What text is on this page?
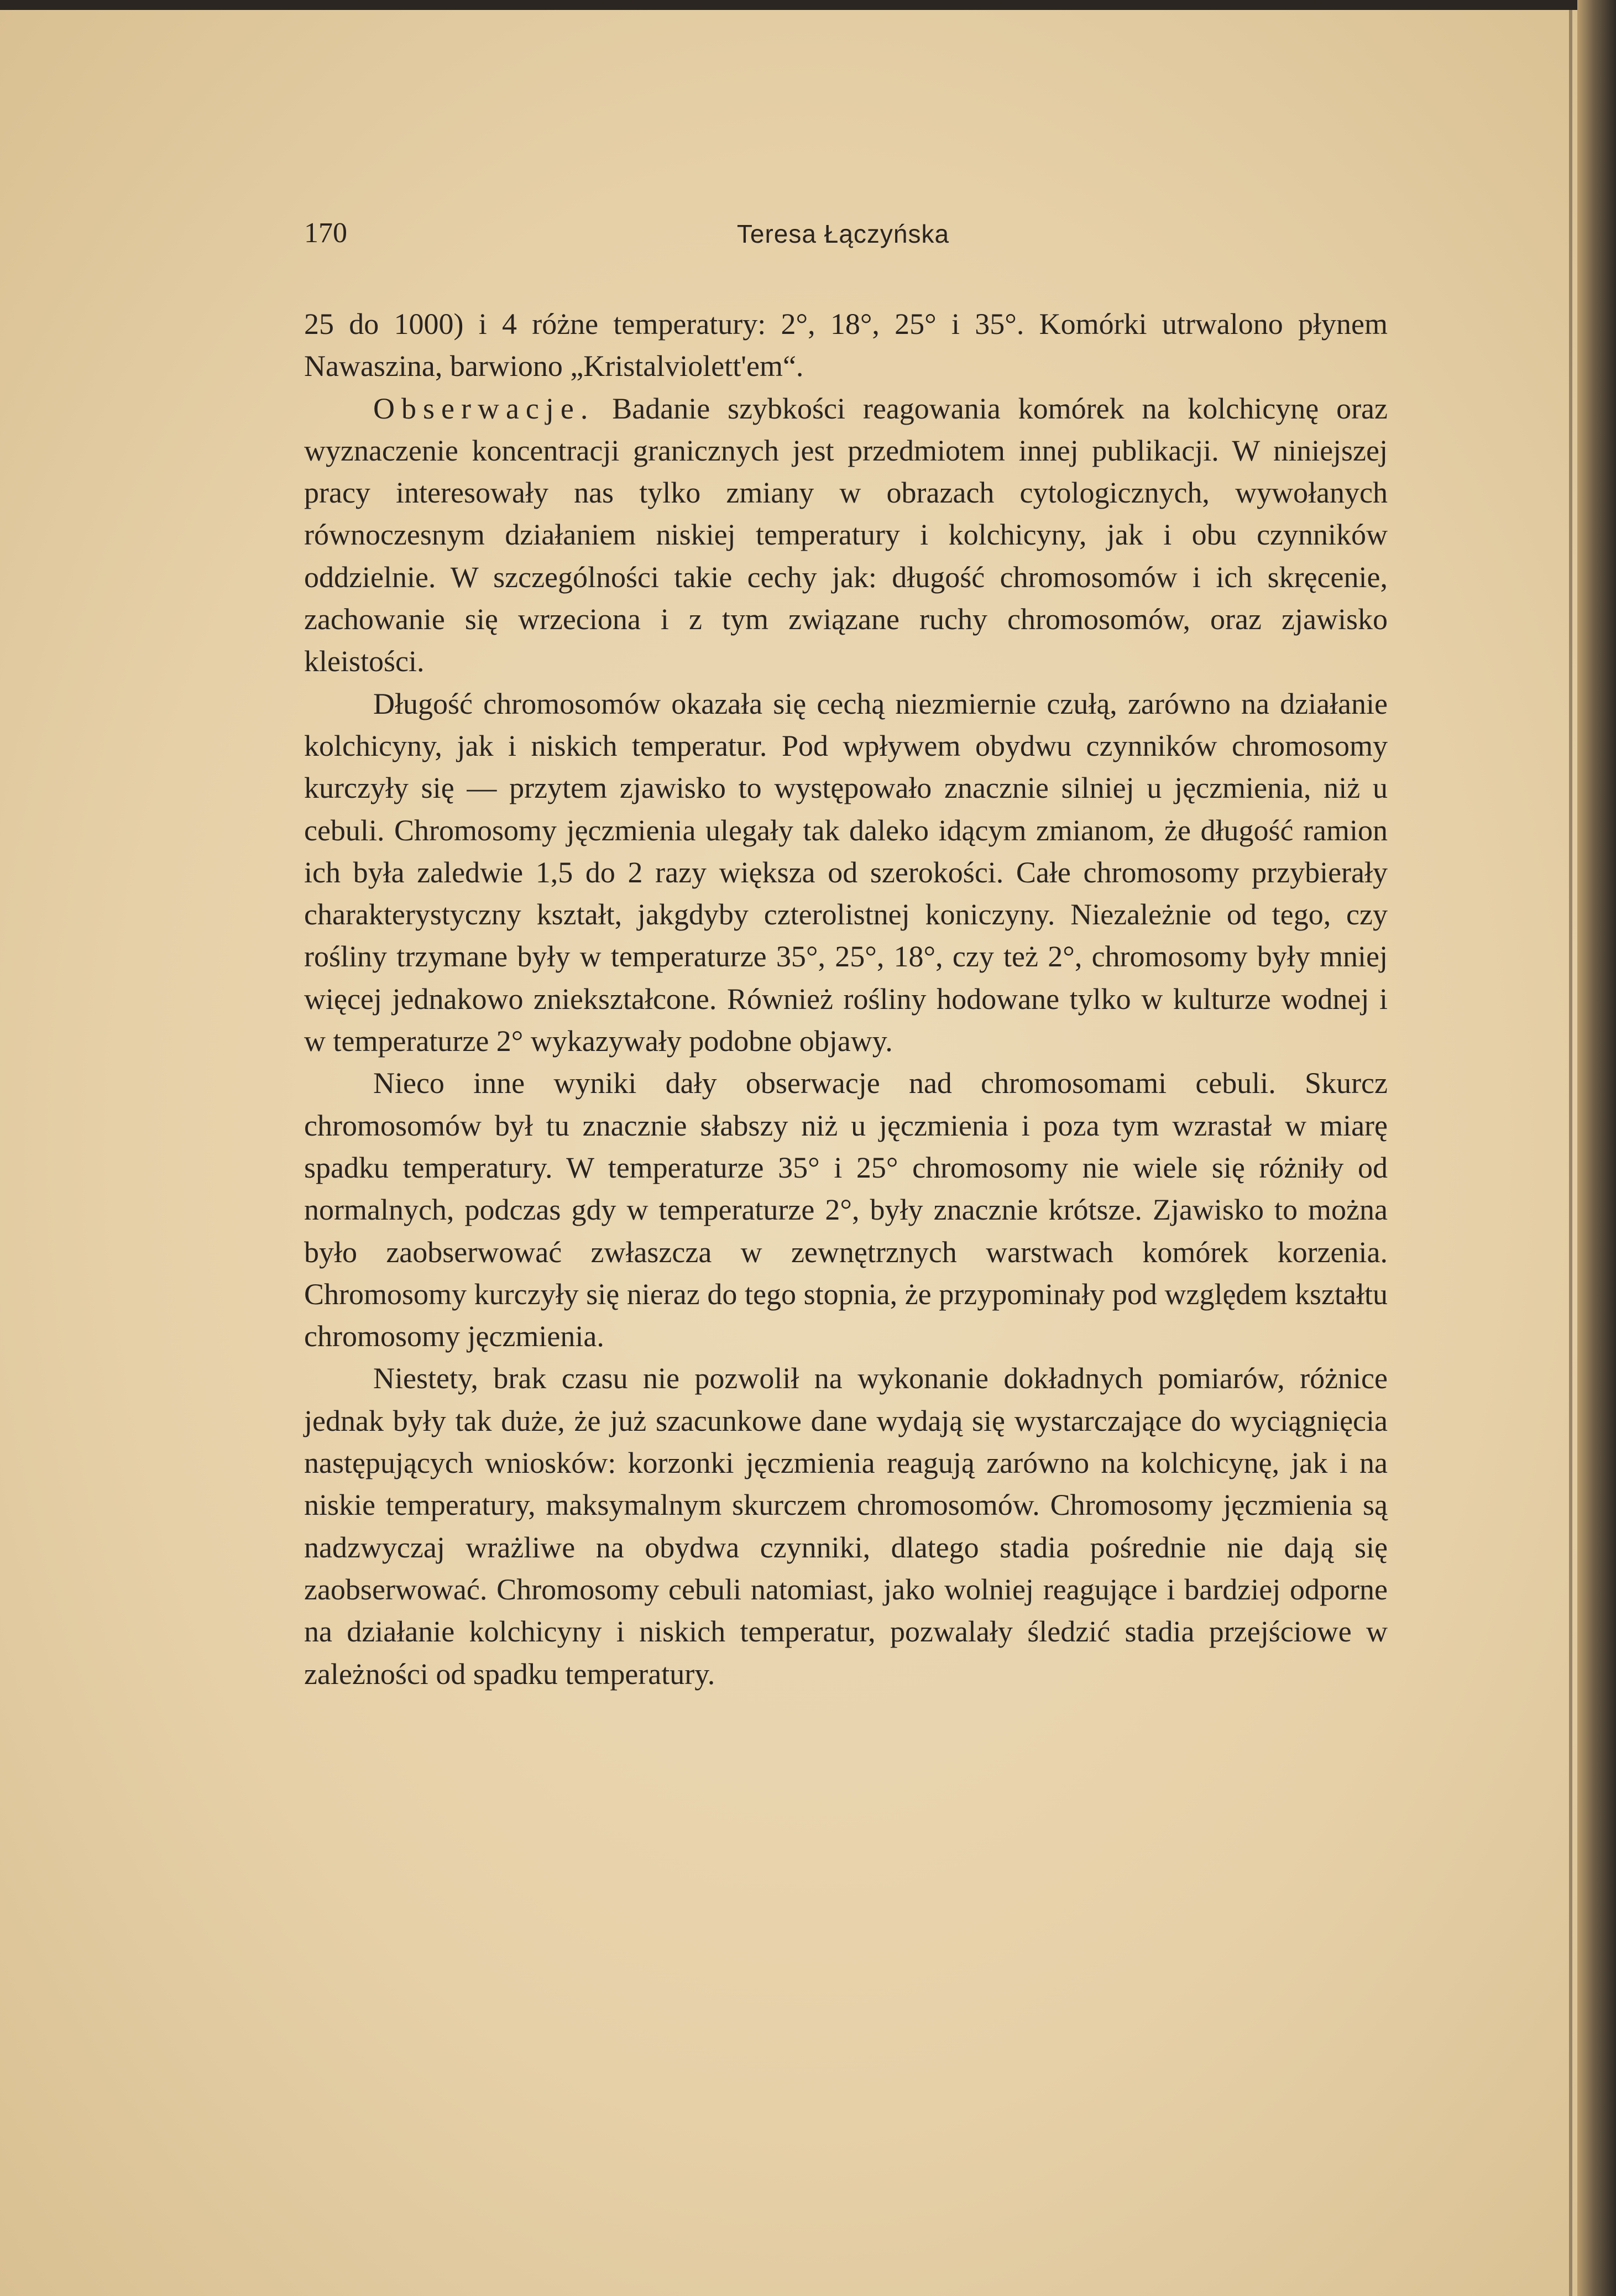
170	Teresa Łączyńska

25 do 1000) i 4 różne temperatury: 2°, 18°, 25° i 35°. Komórki utrwalono płynem Nawaszina, barwiono „Kristalviolett'em“.

Obserwacje. Badanie szybkości reagowania komórek na kolchicynę oraz wyznaczenie koncentracji granicznych jest przedmiotem innej publikacji. W niniejszej pracy interesowały nas tylko zmiany w obrazach cytologicznych, wywołanych równoczesnym działaniem niskiej temperatury i kolchicyny, jak i obu czynników oddzielnie. W szczególności takie cechy jak: długość chromosomów i ich skręcenie, zachowanie się wrzeciona i z tym związane ruchy chromosomów, oraz zjawisko kleistości.

Długość chromosomów okazała się cechą niezmiernie czułą, zarówno na działanie kolchicyny, jak i niskich temperatur. Pod wpływem obydwu czynników chromosomy kurczyły się — przytem zjawisko to występowało znacznie silniej u jęczmienia, niż u cebuli. Chromosomy jęczmienia ulegały tak daleko idącym zmianom, że długość ramion ich była zaledwie 1,5 do 2 razy większa od szerokości. Całe chromosomy przybierały charakterystyczny kształt, jakgdyby czterolistnej koniczyny. Niezależnie od tego, czy rośliny trzymane były w temperaturze 35°, 25°, 18°, czy też 2°, chromosomy były mniej więcej jednakowo zniekształcone. Również rośliny hodowane tylko w kulturze wodnej i w temperaturze 2° wykazywały podobne objawy.

Nieco inne wyniki dały obserwacje nad chromosomami cebuli. Skurcz chromosomów był tu znacznie słabszy niż u jęczmienia i poza tym wzrastał w miarę spadku temperatury. W temperaturze 35° i 25° chromosomy nie wiele się różniły od normalnych, podczas gdy w temperaturze 2°, były znacznie krótsze. Zjawisko to można było zaobserwować zwłaszcza w zewnętrznych warstwach komórek korzenia. Chromosomy kurczyły się nieraz do tego stopnia, że przypominały pod względem kształtu chromosomy jęczmienia.

Niestety, brak czasu nie pozwolił na wykonanie dokładnych pomiarów, różnice jednak były tak duże, że już szacunkowe dane wydają się wystarczające do wyciągnięcia następujących wniosków: korzonki jęczmienia reagują zarówno na kolchicynę, jak i na niskie temperatury, maksymalnym skurczem chromosomów. Chromosomy jęczmienia są nadzwyczaj wrażliwe na obydwa czynniki, dlatego stadia pośrednie nie dają się zaobserwować. Chromosomy cebuli natomiast, jako wolniej reagujące i bardziej odporne na działanie kolchicyny i niskich temperatur, pozwalały śledzić stadia przejściowe w zależności od spadku temperatury.
